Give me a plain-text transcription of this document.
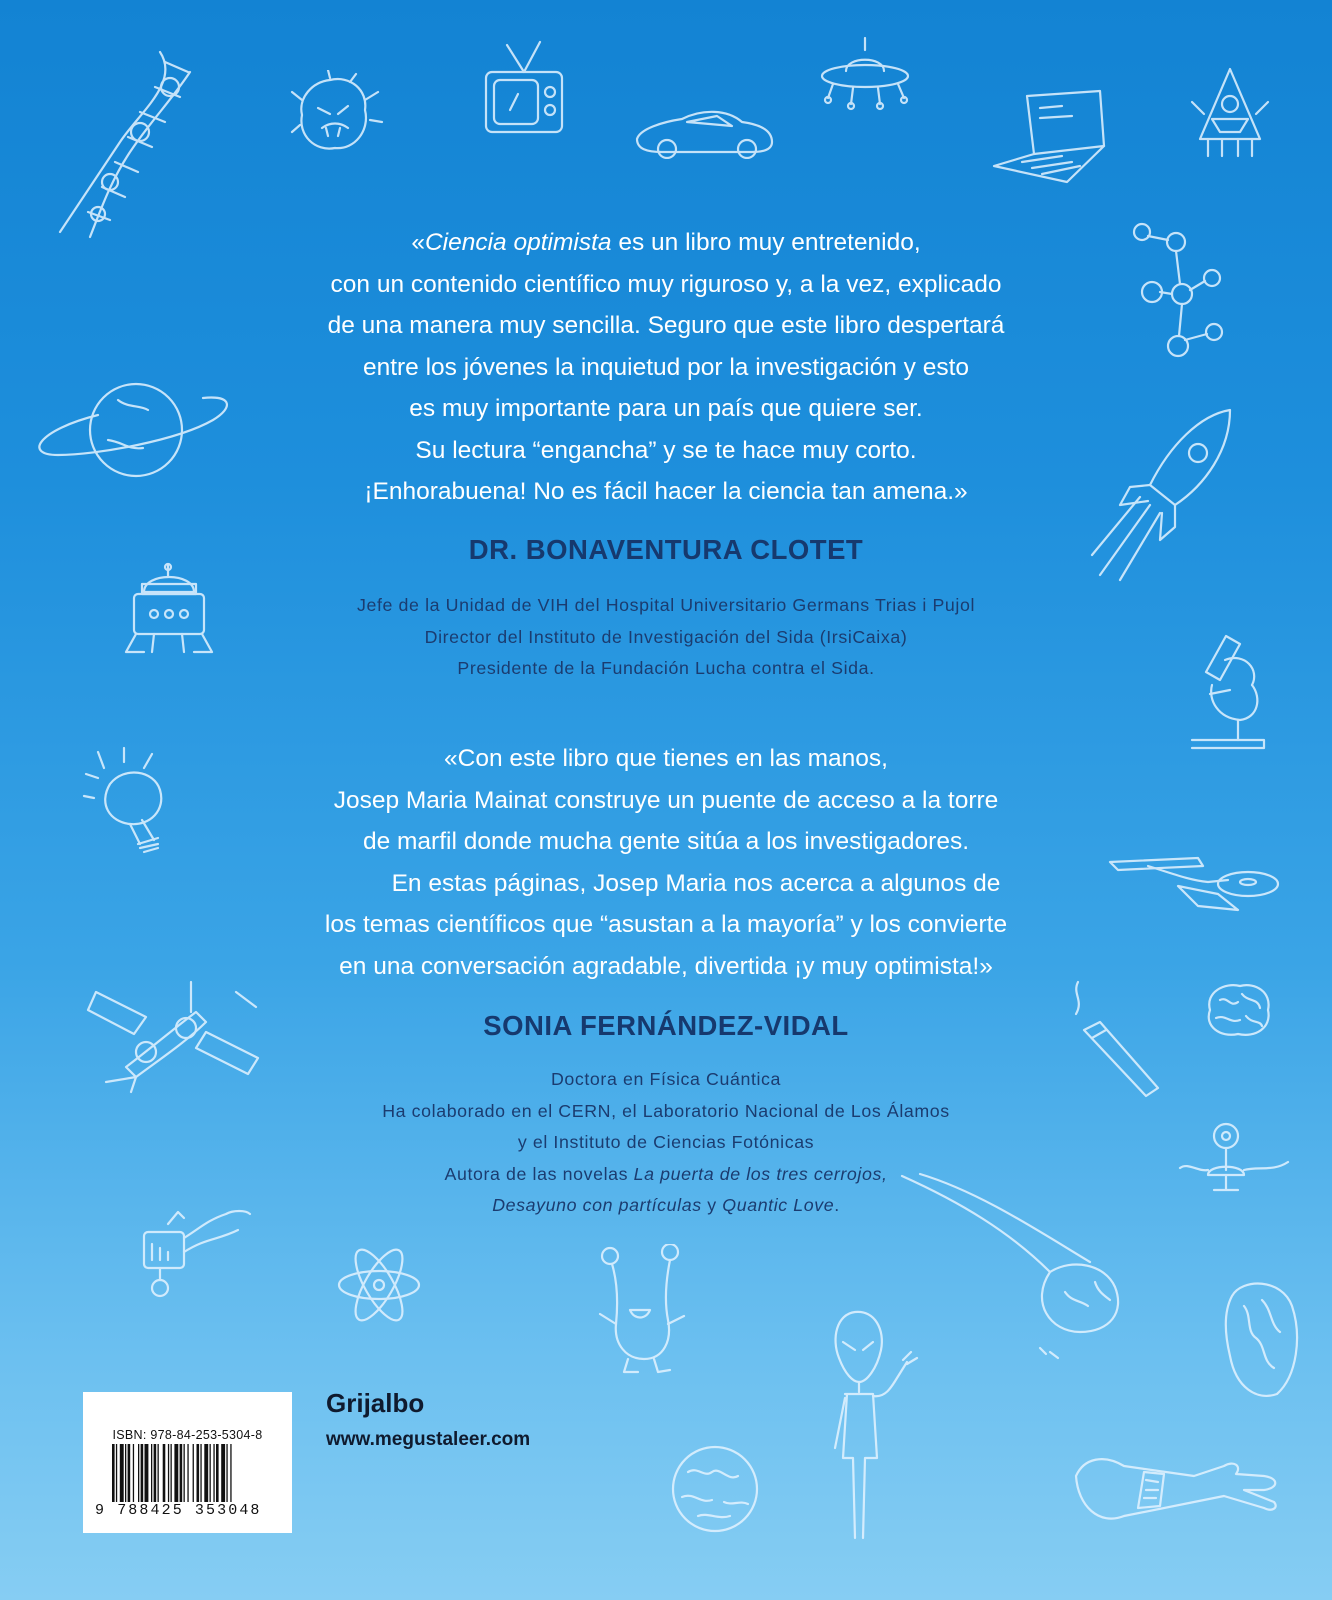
«Ciencia optimista es un libro muy entretenido,
con un contenido científico muy riguroso y, a la vez, explicado
de una manera muy sencilla. Seguro que este libro despertará
entre los jóvenes la inquietud por la investigación y esto
es muy importante para un país que quiere ser.
Su lectura “engancha” y se te hace muy corto.
¡Enhorabuena! No es fácil hacer la ciencia tan amena.»
DR. BONAVENTURA CLOTET
Jefe de la Unidad de VIH del Hospital Universitario Germans Trias i Pujol
Director del Instituto de Investigación del Sida (IrsiCaixa)
Presidente de la Fundación Lucha contra el Sida.
«Con este libro que tienes en las manos,
Josep Maria Mainat construye un puente de acceso a la torre
de marfil donde mucha gente sitúa a los investigadores.
En estas páginas, Josep Maria nos acerca a algunos de
los temas científicos que “asustan a la mayoría” y los convierte
en una conversación agradable, divertida ¡y muy optimista!»
SONIA FERNÁNDEZ-VIDAL
Doctora en Física Cuántica
Ha colaborado en el CERN, el Laboratorio Nacional de Los Álamos
y el Instituto de Ciencias Fotónicas
Autora de las novelas La puerta de los tres cerrojos,
Desayuno con partículas y Quantic Love.
ISBN: 978-84-253-5304-8
9 788425 353048
Grijalbo
www.megustaleer.com
